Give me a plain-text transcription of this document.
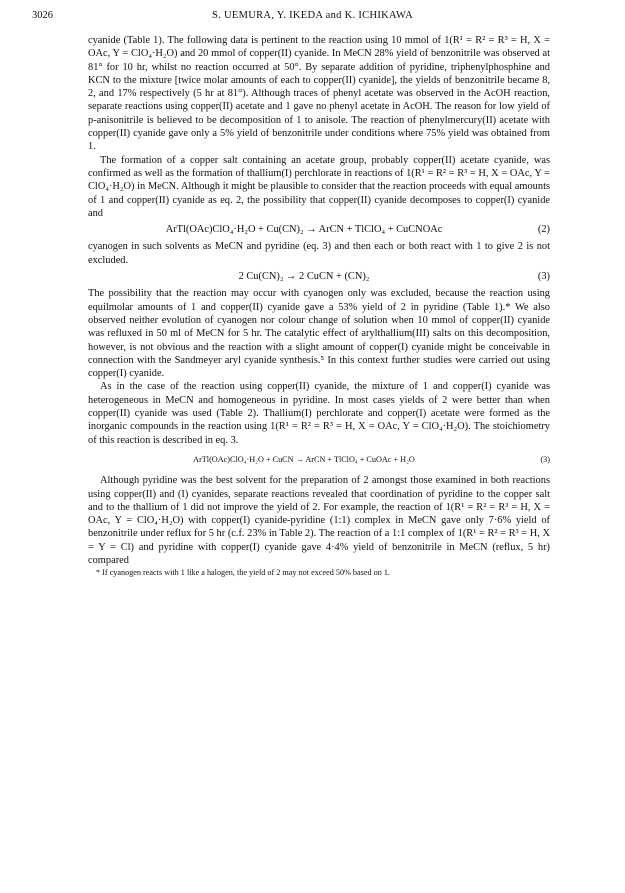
3026	S. UEMURA, Y. IKEDA and K. ICHIKAWA

cyanide (Table 1). The following data is pertinent to the reaction using 10 mmol of 1(R¹ = R² = R³ = H, X = OAc, Y = ClO₄·H₂O) and 20 mmol of copper(II) cyanide. In MeCN 28% yield of benzonitrile was observed at 81° for 10 hr, whilst no reaction occurred at 50°. By separate addition of pyridine, triphenylphosphine and KCN to the mixture [twice molar amounts of each to copper(II) cyanide], the yields of benzonitrile became 8, 2, and 17% respectively (5 hr at 81°). Although traces of phenyl acetate was observed in the AcOH reaction, separate reactions using copper(II) acetate and 1 gave no phenyl acetate in AcOH. The reason for low yield of p-anisonitrile is believed to be decomposition of 1 to anisole. The reaction of phenylmercury(II) acetate with copper(II) cyanide gave only a 5% yield of benzonitrile under conditions where 75% yield was obtained from 1.

The formation of a copper salt containing an acetate group, probably copper(II) acetate cyanide, was confirmed as well as the formation of thallium(I) perchlorate in reactions of 1(R¹ = R² = R³ = H, X = OAc, Y = ClO₄·H₂O) in MeCN. Although it might be plausible to consider that the reaction proceeds with equal amounts of 1 and copper(II) cyanide as eq. 2, the possibility that copper(II) cyanide decomposes to copper(I) cyanide and

ArTl(OAc)ClO₄·H₂O + Cu(CN)₂ → ArCN + TlClO₄ + CuCNOAc	(2)

cyanogen in such solvents as MeCN and pyridine (eq. 3) and then each or both react with 1 to give 2 is not excluded.

2 Cu(CN)₂ → 2 CuCN + (CN)₂	(3)

The possibility that the reaction may occur with cyanogen only was excluded, because the reaction using equilmolar amounts of 1 and copper(II) cyanide gave a 53% yield of 2 in pyridine (Table 1).* We also observed neither evolution of cyanogen nor colour change of solution when 10 mmol of copper(II) cyanide was refluxed in 50 ml of MeCN for 5 hr. The catalytic effect of arylthallium(III) salts on this decomposition, however, is not obvious and the reaction with a slight amount of copper(I) cyanide might be conceivable in connection with the Sandmeyer aryl cyanide synthesis.⁵ In this context further studies were carried out using copper(I) cyanide.

As in the case of the reaction using copper(II) cyanide, the mixture of 1 and copper(I) cyanide was heterogeneous in MeCN and homogeneous in pyridine. In most cases yields of 2 were better than when copper(II) cyanide was used (Table 2). Thallium(I) perchlorate and copper(I) acetate were formed as the inorganic compounds in the reaction using 1(R¹ = R² = R³ = H, X = OAc, Y = ClO₄·H₂O). The stoichiometry of this reaction is described in eq. 3.

ArTl(OAc)ClO₄·H₂O + CuCN → ArCN + TlClO₄ + CuOAc + H₂O	(3)

Although pyridine was the best solvent for the preparation of 2 amongst those examined in both reactions using copper(II) and (I) cyanides, separate reactions revealed that coordination of pyridine to the copper salt and to the thallium of 1 did not improve the yield of 2. For example, the reaction of 1(R¹ = R² = R³ = H, X = OAc, Y = ClO₄·H₂O) with copper(I) cyanide-pyridine (1:1) complex in MeCN gave only 7·6% yield of benzonitrile under reflux for 5 hr (c.f. 23% in Table 2). The reaction of a 1:1 complex of 1(R¹ = R² = R³ = H, X = Y = Cl) and pyridine with copper(I) cyanide gave 4·4% yield of benzonitrile in MeCN (reflux, 5 hr) compared

* If cyanogen reacts with 1 like a halogen, the yield of 2 may not exceed 50% based on 1.
